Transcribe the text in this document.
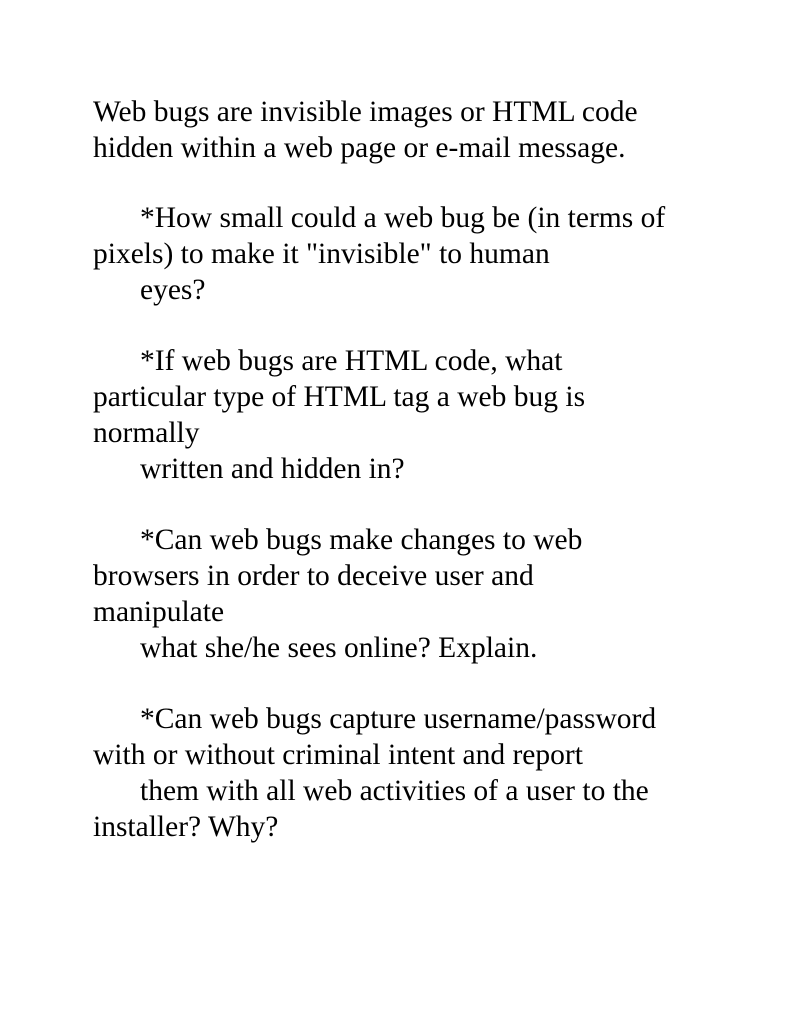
Web bugs are invisible images or HTML code
hidden within a web page or e-mail message.
*How small could a web bug be (in terms of
pixels) to make it "invisible" to human
eyes?
*If web bugs are HTML code, what
particular type of HTML tag a web bug is
normally
written and hidden in?
*Can web bugs make changes to web
browsers in order to deceive user and
manipulate
what she/he sees online? Explain.
*Can web bugs capture username/password
with or without criminal intent and report
them with all web activities of a user to the
installer? Why?
